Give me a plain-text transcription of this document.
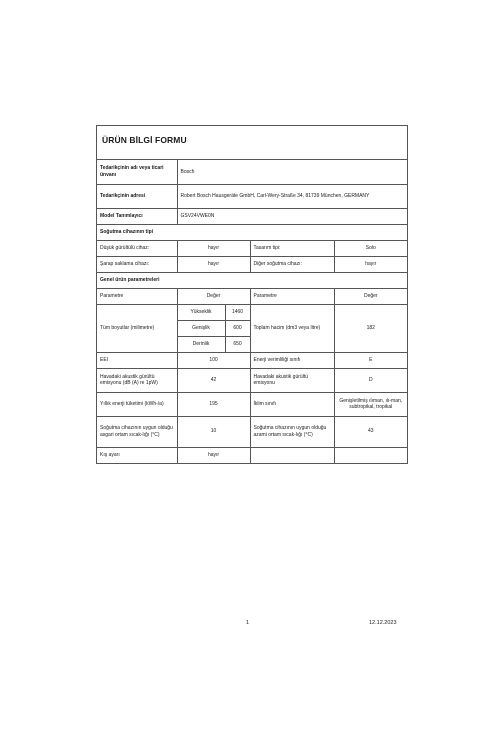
ÜRÜN BİLGİ FORMU
Tedarikçinin adı veya ticari ünvanı	Bosch			
Tedarikçinin adresi	Robert Bosch Hausgeräte GmbH, Carl-Wery-Straße 34, 81739 München, GERMANY			
Model Tanımlayıcı	GSV24VWE0N			
Soğutma cihazının tipi				
Düşük gürültülü cihaz:	hayır		Tasarım tipi:	Solo
Şarap saklama cihazı:	hayır		Diğer soğutma cihazı:	hayır
Genel ürün parametreleri				
Parametre	Değer		Parametre	Değer
Tüm boyutlar (milimetre)	Yükseklik	1460	Toplam hacim (dm3 veya litre)	182
	Genişlik	600		
	Derinlik	650		
EEI	100		Enerji verimliliği sınıfı	E
Havadaki akustik gürültü emisyonu (dB (A) re 1pW)	42		Havadaki akustik gürültü emisyonu	D
Yıllık enerji tüketimi (kWh-/a)	195		İklim sınıfı	Genişletilmiş ılıman, ılı-man, subtropikal, tropikal
Soğutma cihazının uygun olduğu asgari ortam sıcak-lığı (°C)	10		Soğutma cihazının uygun olduğu azami ortam sıcak-lığı (°C)	43
Kış ayarı	hayır			
1	12.12.2023
